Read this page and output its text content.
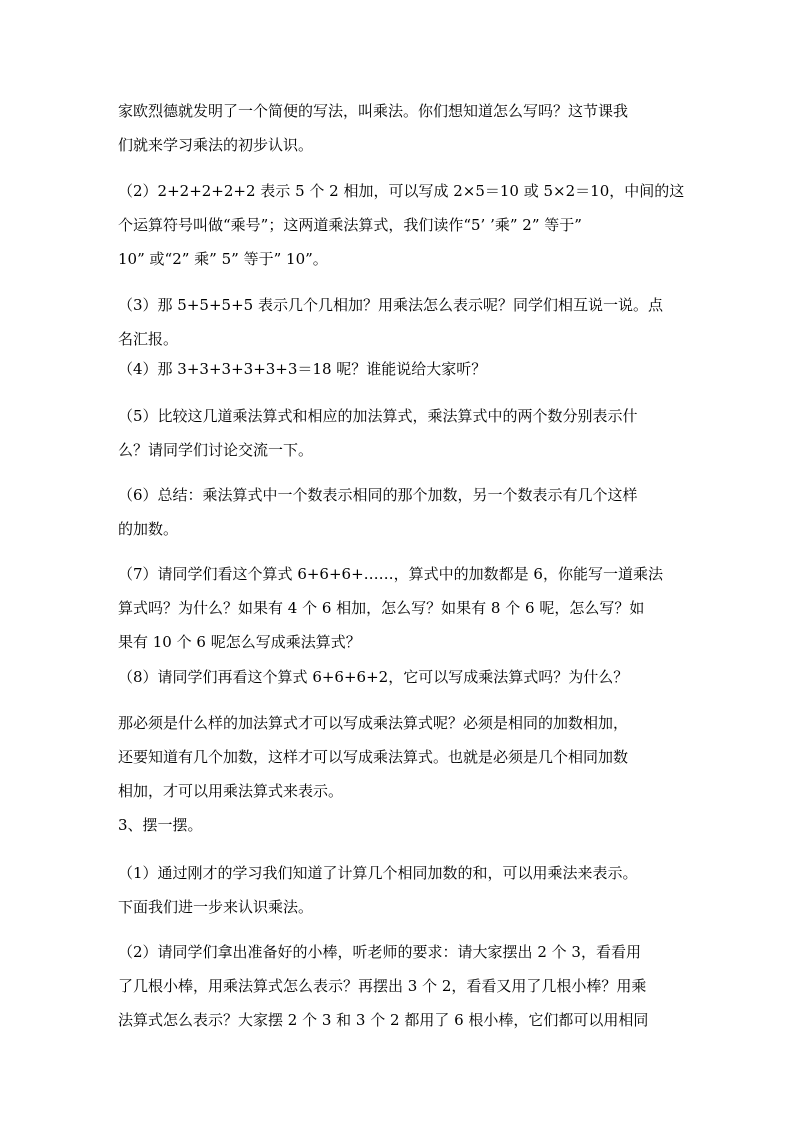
家欧烈德就发明了一个简便的写法，叫乘法。你们想知道怎么写吗？这节课我
们就来学习乘法的初步认识。

（2）2+2+2+2+2 表示 5 个 2 相加，可以写成 2×5＝10 或 5×2＝10，中间的这
个运算符号叫做“乘号”；这两道乘法算式，我们读作“5’ ’乘” 2” 等于”
10” 或“2” 乘” 5” 等于” 10”。

（3）那 5+5+5+5 表示几个几相加？用乘法怎么表示呢？同学们相互说一说。点
名汇报。

（4）那 3+3+3+3+3+3＝18 呢？谁能说给大家听？

（5）比较这几道乘法算式和相应的加法算式，乘法算式中的两个数分别表示什
么？请同学们讨论交流一下。

（6）总结：乘法算式中一个数表示相同的那个加数，另一个数表示有几个这样
的加数。

（7）请同学们看这个算式 6+6+6+……，算式中的加数都是 6，你能写一道乘法
算式吗？为什么？如果有 4 个 6 相加，怎么写？如果有 8 个 6 呢，怎么写？如
果有 10 个 6 呢怎么写成乘法算式？

（8）请同学们再看这个算式 6+6+6+2，它可以写成乘法算式吗？为什么？

那必须是什么样的加法算式才可以写成乘法算式呢？必须是相同的加数相加，
还要知道有几个加数，这样才可以写成乘法算式。也就是必须是几个相同加数
相加，才可以用乘法算式来表示。

3、摆一摆。

（1）通过刚才的学习我们知道了计算几个相同加数的和，可以用乘法来表示。
下面我们进一步来认识乘法。

（2）请同学们拿出准备好的小棒，听老师的要求：请大家摆出 2 个 3，看看用
了几根小棒，用乘法算式怎么表示？再摆出 3 个 2，看看又用了几根小棒？用乘
法算式怎么表示？大家摆 2 个 3 和 3 个 2 都用了 6 根小棒，它们都可以用相同
